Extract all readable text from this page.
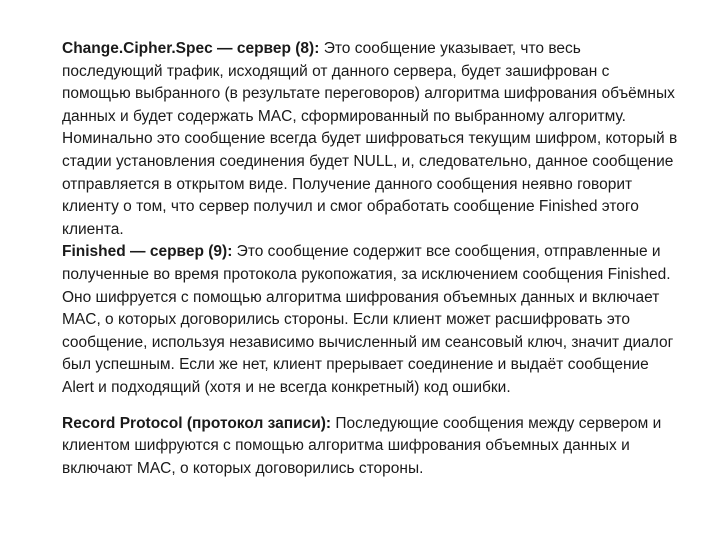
Change.Cipher.Spec — сервер (8): Это сообщение указывает, что весь последующий трафик, исходящий от данного сервера, будет зашифрован с помощью выбранного (в результате переговоров) алгоритма шифрования объёмных данных и будет содержать MAC, сформированный по выбранному алгоритму. Номинально это сообщение всегда будет шифроваться текущим шифром, который в стадии установления соединения будет NULL, и, следовательно, данное сообщение отправляется в открытом виде. Получение данного сообщения неявно говорит клиенту о том, что сервер получил и смог обработать сообщение Finished этого клиента.

Finished — сервер (9): Это сообщение содержит все сообщения, отправленные и полученные во время протокола рукопожатия, за исключением сообщения Finished. Оно шифруется с помощью алгоритма шифрования объемных данных и включает MAC, о которых договорились стороны. Если клиент может расшифровать это сообщение, используя независимо вычисленный им сеансовый ключ, значит диалог был успешным. Если же нет, клиент прерывает соединение и выдаёт сообщение Alert и подходящий (хотя и не всегда конкретный) код ошибки.

Record Protocol (протокол записи): Последующие сообщения между сервером и клиентом шифруются с помощью алгоритма шифрования объемных данных и включают MAC, о которых договорились стороны.
